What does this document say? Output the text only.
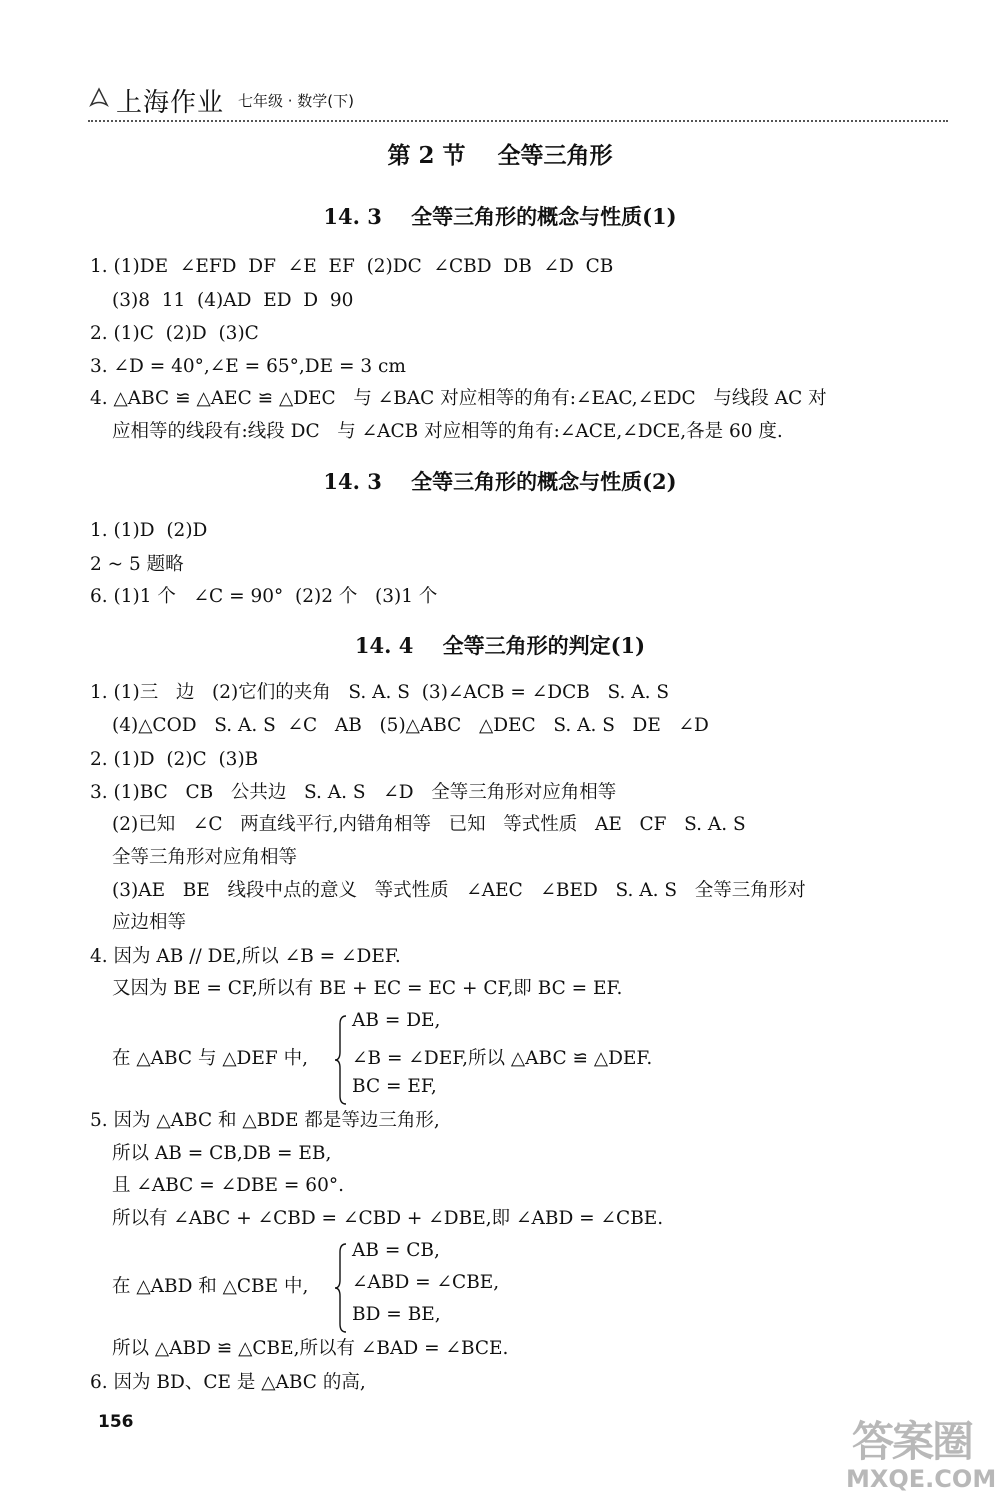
上海作业 七年级 · 数学(下)
第 2 节    全等三角形
14. 3    全等三角形的概念与性质(1)
1. (1)DE  ∠EFD  DF  ∠E  EF  (2)DC  ∠CBD  DB  ∠D  CB
(3)8  11  (4)AD  ED  D  90
2. (1)C  (2)D  (3)C
3. ∠D = 40°,∠E = 65°,DE = 3 cm
4. △ABC ≌ △AEC ≌ △DEC   与 ∠BAC 对应相等的角有:∠EAC,∠EDC   与线段 AC 对
应相等的线段有:线段 DC   与 ∠ACB 对应相等的角有:∠ACE,∠DCE,各是 60 度.
14. 3    全等三角形的概念与性质(2)
1. (1)D  (2)D
2 ~ 5 题略
6. (1)1 个   ∠C = 90°  (2)2 个   (3)1 个
14. 4    全等三角形的判定(1)
1. (1)三   边   (2)它们的夹角   S. A. S  (3)∠ACB = ∠DCB   S. A. S
(4)△COD   S. A. S  ∠C   AB   (5)△ABC   △DEC   S. A. S   DE   ∠D
2. (1)D  (2)C  (3)B
3. (1)BC   CB   公共边   S. A. S   ∠D   全等三角形对应角相等
(2)已知   ∠C   两直线平行,内错角相等   已知   等式性质   AE   CF   S. A. S
全等三角形对应角相等
(3)AE   BE   线段中点的意义   等式性质   ∠AEC   ∠BED   S. A. S   全等三角形对
应边相等
4. 因为 AB // DE,所以 ∠B = ∠DEF.
又因为 BE = CF,所以有 BE + EC = EC + CF,即 BC = EF.
在 △ABC 与 △DEF 中,
AB = DE,
∠B = ∠DEF,所以 △ABC ≌ △DEF.
BC = EF,
5. 因为 △ABC 和 △BDE 都是等边三角形,
所以 AB = CB,DB = EB,
且 ∠ABC = ∠DBE = 60°.
所以有 ∠ABC + ∠CBD = ∠CBD + ∠DBE,即 ∠ABD = ∠CBE.
在 △ABD 和 △CBE 中,
AB = CB,
∠ABD = ∠CBE,
BD = BE,
所以 △ABD ≌ △CBE,所以有 ∠BAD = ∠BCE.
6. 因为 BD、CE 是 △ABC 的高,
156	答案圈
MXQE.COM
